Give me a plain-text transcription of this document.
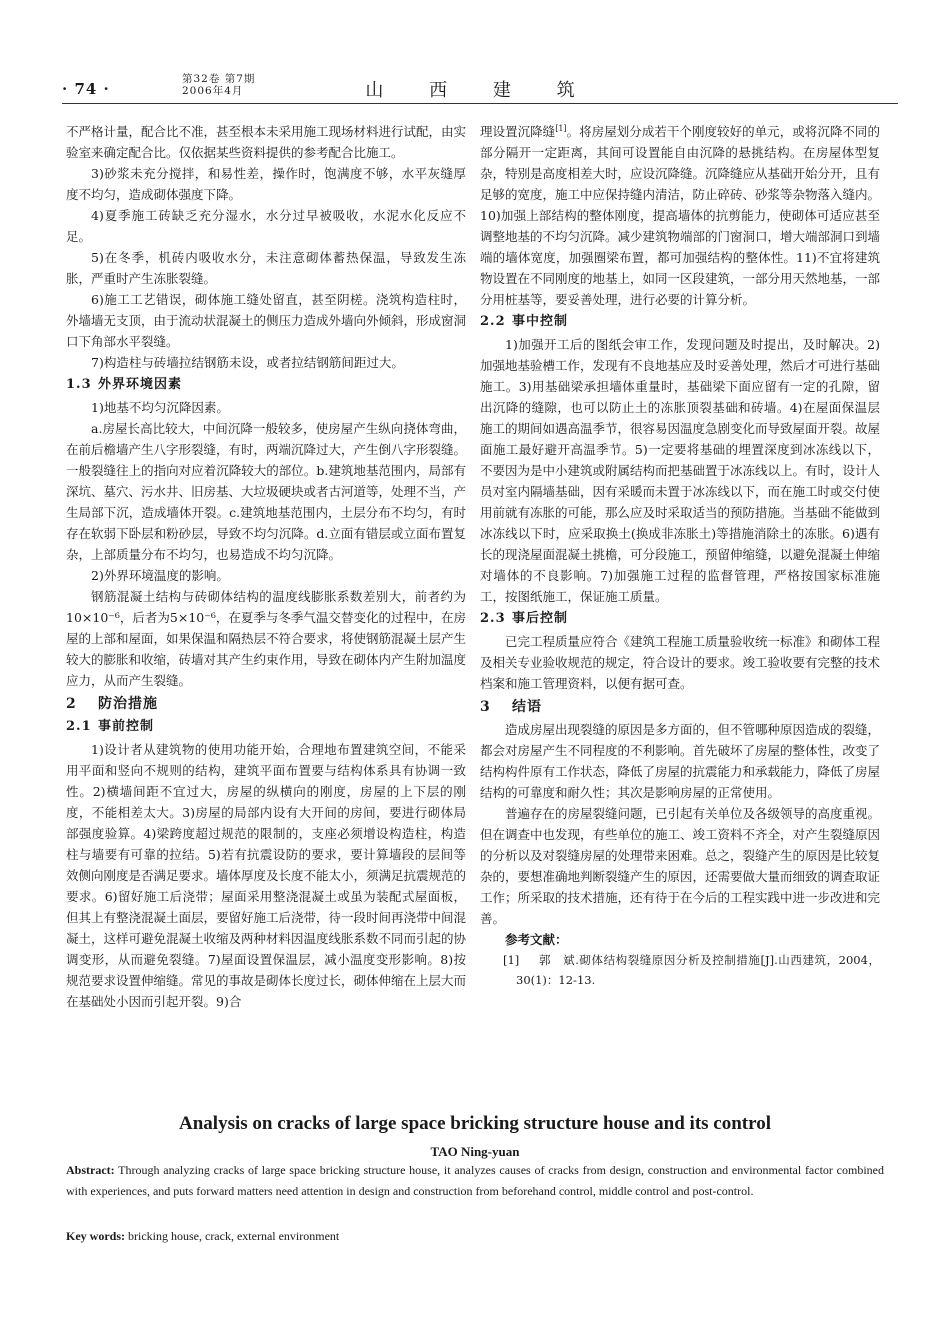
· 74 ·
第32卷 第7期
2006年4月	山 西 建 筑

不严格计量，配合比不准，甚至根本未采用施工现场材料进行试配，由实验室来确定配合比。仅依据某些资料提供的参考配合比施工。

3)砂浆未充分搅拌，和易性差，操作时，饱满度不够，水平灰缝厚度不均匀，造成砌体强度下降。

4)夏季施工砖缺乏充分湿水，水分过早被吸收，水泥水化反应不足。

5)在冬季，机砖内吸收水分，未注意砌体蓄热保温，导致发生冻胀，严重时产生冻胀裂缝。

6)施工工艺错误，砌体施工缝处留直，甚至阴槎。浇筑构造柱时，外墙墙无支顶，由于流动状混凝土的侧压力造成外墙向外倾斜，形成窗洞口下角部水平裂缝。

7)构造柱与砖墙拉结钢筋未设，或者拉结钢筋间距过大。

1.3 外界环境因素

1)地基不均匀沉降因素。

a.房屋长高比较大，中间沉降一般较多，使房屋产生纵向挠体弯曲，在前后檐墙产生八字形裂缝，有时，两端沉降过大，产生倒八字形裂缝。一般裂缝往上的指向对应着沉降较大的部位。b.建筑地基范围内，局部有深坑、墓穴、污水井、旧房基、大垃圾硬块或者古河道等，处理不当，产生局部下沉，造成墙体开裂。c.建筑地基范围内，土层分布不均匀，有时存在软弱下卧层和粉砂层，导致不均匀沉降。d.立面有错层或立面布置复杂，上部质量分布不均匀，也易造成不均匀沉降。

2)外界环境温度的影响。

钢筋混凝土结构与砖砌体结构的温度线膨胀系数差别大，前者约为10×10⁻⁶，后者为5×10⁻⁶，在夏季与冬季气温交替变化的过程中，在房屋的上部和屋面，如果保温和隔热层不符合要求，将使钢筋混凝土层产生较大的膨胀和收缩，砖墙对其产生约束作用，导致在砌体内产生附加温度应力，从而产生裂缝。

2 防治措施
2.1 事前控制

1)设计者从建筑物的使用功能开始，合理地布置建筑空间，不能采用平面和竖向不规则的结构，建筑平面布置要与结构体系具有协调一致性。2)横墙间距不宜过大，房屋的纵横向的刚度，房屋的上下层的刚度，不能相差太大。3)房屋的局部内设有大开间的房间，要进行砌体局部强度验算。4)梁跨度超过规范的限制的，支座必须增设构造柱，构造柱与墙要有可靠的拉结。5)若有抗震设防的要求，要计算墙段的层间等效侧向刚度是否满足要求。墙体厚度及长度不能太小，须满足抗震规范的要求。6)留好施工后浇带；屋面采用整浇混凝土或虽为装配式屋面板，但其上有整浇混凝土面层，要留好施工后浇带，待一段时间再浇带中间混凝土，这样可避免混凝土收缩及两种材料因温度线胀系数不同而引起的协调变形，从而避免裂缝。7)屋面设置保温层，减小温度变形影响。8)按规范要求设置伸缩缝。常见的事故是砌体长度过长，砌体伸缩在上层大而在基础处小因而引起开裂。9)合

理设置沉降缝[1]。将房屋划分成若干个刚度较好的单元，或将沉降不同的部分隔开一定距离，其间可设置能自由沉降的悬挑结构。在房屋体型复杂，特别是高度相差大时，应设沉降缝。沉降缝应从基础开始分开，且有足够的宽度，施工中应保持缝内清洁，防止碎砖、砂浆等杂物落入缝内。10)加强上部结构的整体刚度，提高墙体的抗剪能力，使砌体可适应甚至调整地基的不均匀沉降。减少建筑物端部的门窗洞口，增大端部洞口到墙端的墙体宽度，加强圈梁布置，都可加强结构的整体性。11)不宜将建筑物设置在不同刚度的地基上，如同一区段建筑，一部分用天然地基，一部分用桩基等，要妥善处理，进行必要的计算分析。

2.2 事中控制

1)加强开工后的图纸会审工作，发现问题及时提出，及时解决。2)加强地基验槽工作，发现有不良地基应及时妥善处理，然后才可进行基础施工。3)用基础梁承担墙体重量时，基础梁下面应留有一定的孔隙，留出沉降的缝隙，也可以防止土的冻胀顶裂基础和砖墙。4)在屋面保温层施工的期间如遇高温季节，很容易因温度急剧变化而导致屋面开裂。故屋面施工最好避开高温季节。5)一定要将基础的埋置深度到冰冻线以下，不要因为是中小建筑或附属结构而把基础置于冰冻线以上。有时，设计人员对室内隔墙基础，因有采暖而未置于冰冻线以下，而在施工时或交付使用前就有冻胀的可能，那么应及时采取适当的预防措施。当基础不能做到冰冻线以下时，应采取换土(换成非冻胀土)等措施消除土的冻胀。6)遇有长的现浇屋面混凝土挑檐，可分段施工，预留伸缩缝，以避免混凝土伸缩对墙体的不良影响。7)加强施工过程的监督管理，严格按国家标准施工，按图纸施工，保证施工质量。

2.3 事后控制

已完工程质量应符合《建筑工程施工质量验收统一标准》和砌体工程及相关专业验收规范的规定，符合设计的要求。竣工验收要有完整的技术档案和施工管理资料，以便有据可查。

3 结语

造成房屋出现裂缝的原因是多方面的，但不管哪种原因造成的裂缝，都会对房屋产生不同程度的不利影响。首先破坏了房屋的整体性，改变了结构构件原有工作状态，降低了房屋的抗震能力和承载能力，降低了房屋结构的可靠度和耐久性；其次是影响房屋的正常使用。

普遍存在的房屋裂缝问题，已引起有关单位及各级领导的高度重视。但在调查中也发现，有些单位的施工、竣工资料不齐全，对产生裂缝原因的分析以及对裂缝房屋的处理带来困难。总之，裂缝产生的原因是比较复杂的，要想准确地判断裂缝产生的原因，还需要做大量而细致的调查取证工作；所采取的技术措施，还有待于在今后的工程实践中进一步改进和完善。

参考文献：

[1] 郭　斌.砌体结构裂缝原因分析及控制措施[J].山西建筑，2004，30(1)：12-13.

Analysis on cracks of large space bricking structure house and its control
TAO Ning-yuan
Abstract: Through analyzing cracks of large space bricking structure house, it analyzes causes of cracks from design, construction and environmental factor combined with experiences, and puts forward matters need attention in design and construction from beforehand control, middle control and post-control.
Key words: bricking house, crack, external environment
